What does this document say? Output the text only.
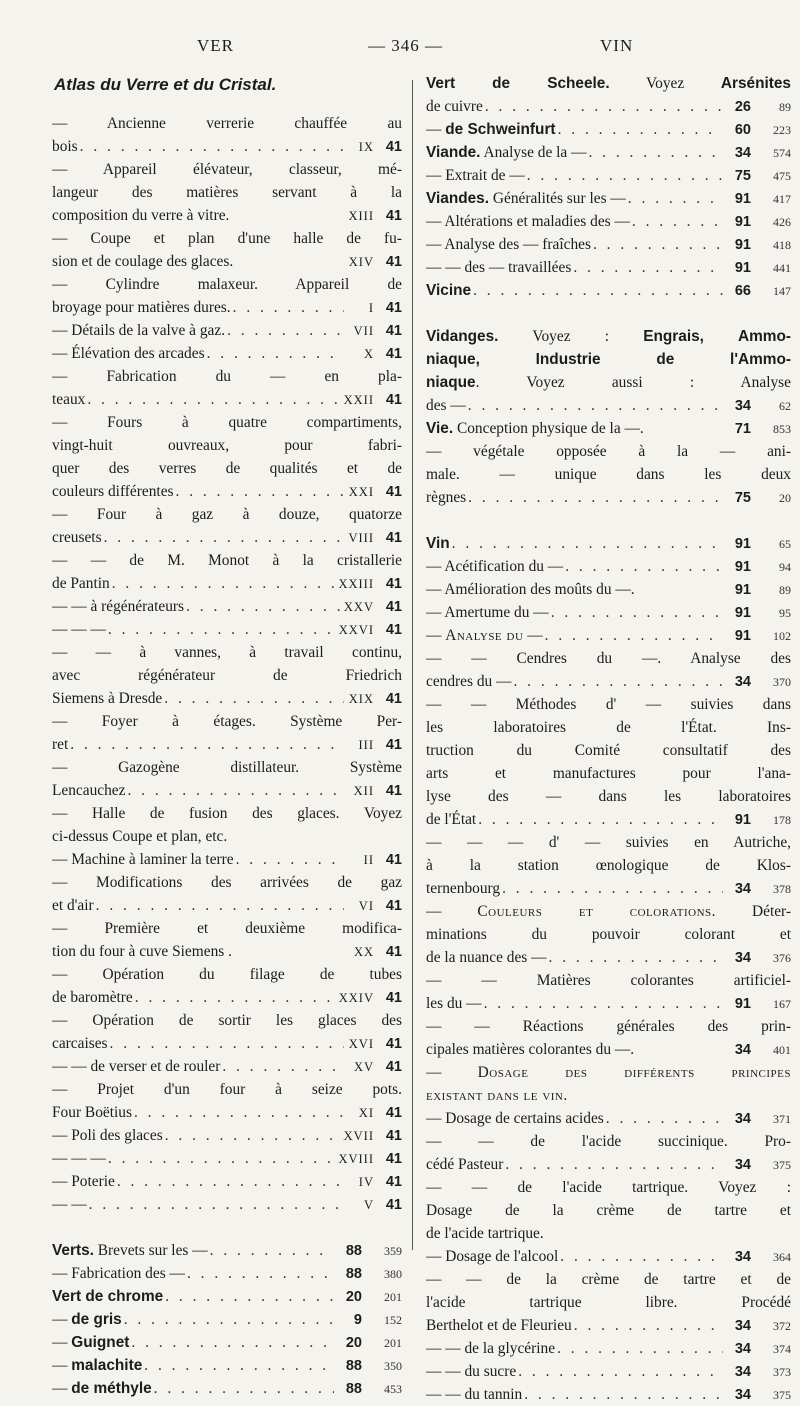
VER	— 346 —	VIN
Atlas du Verre et du Cristal.
— Ancienne verrerie chauffée au
bois . . .	IX 41
— Appareil élévateur, classeur, mé-
langeur des matières servant à la
composition du verre à vitre.	XIII 41
— Coupe et plan d'une halle de fu-
sion et de coulage des glaces.	XIV 41
— Cylindre malaxeur. Appareil de
broyage pour matières dures. . . .	I 41
— Détails de la valve à gaz. . . .	VII 41
— Élévation des arcades . . .	X 41
— Fabrication du — en pla-
teaux . . .	XXII 41
— Fours à quatre compartiments,
vingt-huit ouvreaux, pour fabri-
quer des verres de qualités et de
couleurs différentes . . .	XXI 41
— Four à gaz à douze, quatorze
creusets . . .	VIII 41
— — de M. Monot à la cristallerie
de Pantin . . .	XXIII 41
— — à régénérateurs . . .	XXV 41
— — — . . .	XXVI 41
— — à vannes, à travail continu,
avec régénérateur de Friedrich
Siemens à Dresde . . .	XIX 41
— Foyer à étages. Système Per-
ret . . .	III 41
— Gazogène distillateur. Système
Lencauchez . . .	XII 41
— Halle de fusion des glaces. Voyez
ci-dessus Coupe et plan, etc.
— Machine à laminer la terre . . .	II 41
— Modifications des arrivées de gaz
et d'air . . .	VI 41
— Première et deuxième modifica-
tion du four à cuve Siemens .	XX 41
— Opération du filage de tubes
de baromètre . . .	XXIV 41
— Opération de sortir les glaces des
carcaises . . .	XVI 41
— — de verser et de rouler . . .	XV 41
— Projet d'un four à seize pots.
Four Boëtius . . .	XI 41
— Poli des glaces . . .	XVII 41
— — — . . .	XVIII 41
— Poterie . . .	IV 41
— — . . .	V 41
Verts. Brevets sur les — . . .	88	359
— Fabrication des — . . .	88	380
Vert de chrome . . .	20	201
— de gris . . .	9	152
— Guignet . . .	20	201
— malachite . . .	88	350
— de méthyle . . .	88	453
Vert de Scheele. Voyez Arsénites
de cuivre . . .	26	89
— de Schweinfurt . . .	60	223
Viande. Analyse de la — . . .	34	574
— Extrait de — . . .	75	475
Viandes. Généralités sur les — . . .	91	417
— Altérations et maladies des — . . .	91	426
— Analyse des — fraîches . . .	91	418
— — des — travaillées . . .	91	441
Vicine . . .	66	147
Vidanges. Voyez : Engrais, Ammo-
niaque, Industrie de l'Ammo-
niaque. Voyez aussi : Analyse
des — . . .	34	62
Vie. Conception physique de la —.	71	853
— végétale opposée à la — ani-
male. — unique dans les deux
règnes . . .	75	20
Vin . . .	91	65
— Acétification du — . . .	91	94
— Amélioration des moûts du —.	91	89
— Amertume du — . . .	91	95
— Analyse du — . . .	91	102
— — Cendres du —. Analyse des
cendres du — . . .	34	370
— — Méthodes d' — suivies dans
les laboratoires de l'État. Ins-
truction du Comité consultatif des
arts et manufactures pour l'ana-
lyse des — dans les laboratoires
de l'État . . .	91	178
— — — d' — suivies en Autriche,
à la station œnologique de Klos-
ternenbourg . . .	34	378
— Couleurs et colorations. Déter-
minations du pouvoir colorant et
de la nuance des — . . .	34	376
— — Matières colorantes artificiel-
les du — . . .	91	167
— — Réactions générales des prin-
cipales matières colorantes du —.	34	401
— Dosage des différents principes
existant dans le vin.
— Dosage de certains acides . . .	34	371
— — de l'acide succinique. Pro-
cédé Pasteur . . .	34	375
— — de l'acide tartrique. Voyez :
Dosage de la crème de tartre et
de l'acide tartrique.
— Dosage de l'alcool . . .	34	364
— — de la crème de tartre et de
l'acide tartrique libre. Procédé
Berthelot et de Fleurieu . . .	34	372
— — de la glycérine . . .	34	374
— — du sucre . . .	34	373
— — du tannin . . .	34	375
